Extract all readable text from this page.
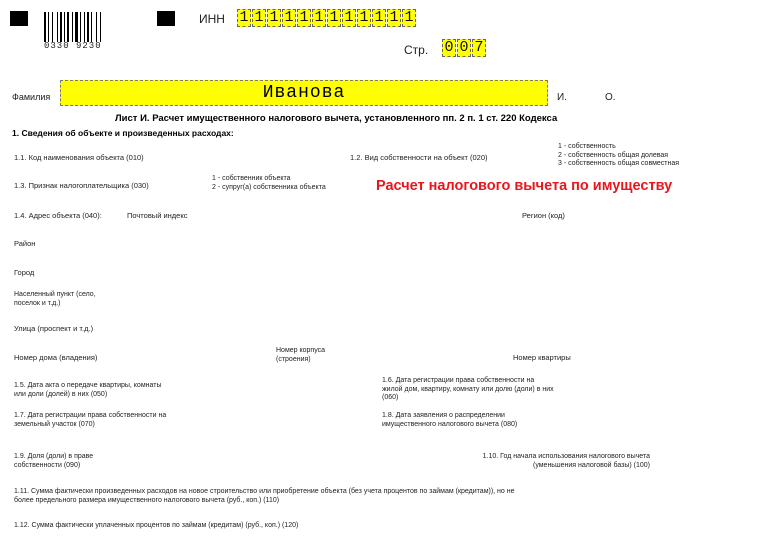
0330 9230
ИНН 1 1 1 1 1 1 1 1 1 1 1 1
Стр. 0 0 7
Фамилия	Иванова	И.	О.
Лист И. Расчет имущественного налогового вычета, установленного пп. 2 п. 1 ст. 220 Кодекса
1. Сведения об объекте и произведенных расходах:
1.1. Код наименования объекта (010)	1.2. Вид собственности на объект (020)
1 - собственность
2 - собственность общая долевая
3 - собственность общая совместная
1.3. Признак налогоплательщика (030)
1 - собственник объекта
2 - супруг(а) собственника объекта	Расчет налогового вычета по имуществу
1.4. Адрес объекта (040):	Почтовый индекс	Регион (код)
Район
Город
Населенный пункт (село, поселок и т.д.)
Улица (проспект и т.д.)
Номер дома (владения)
Номер корпуса (строения)	Номер квартиры
1.5. Дата акта о передаче квартиры, комнаты или доли (долей) в них (050)
1.6. Дата регистрации права собственности на жилой дом, квартиру, комнату или долю (доли) в них (060)
1.7. Дата регистрации права собственности на земельный участок (070)
1.8. Дата заявления о распределении имущественного налогового вычета (080)
1.9. Доля (доли) в праве собственности (090)
1.10. Год начала использования налогового вычета (уменьшения налоговой базы) (100)
1.11. Сумма фактически произведенных расходов на новое строительство или приобретение объекта (без учета процентов по займам (кредитам)), но не более предельного размера имущественного налогового вычета (руб., коп.) (110)
1.12. Сумма фактически уплаченных процентов по займам (кредитам) (руб., коп.) (120)
